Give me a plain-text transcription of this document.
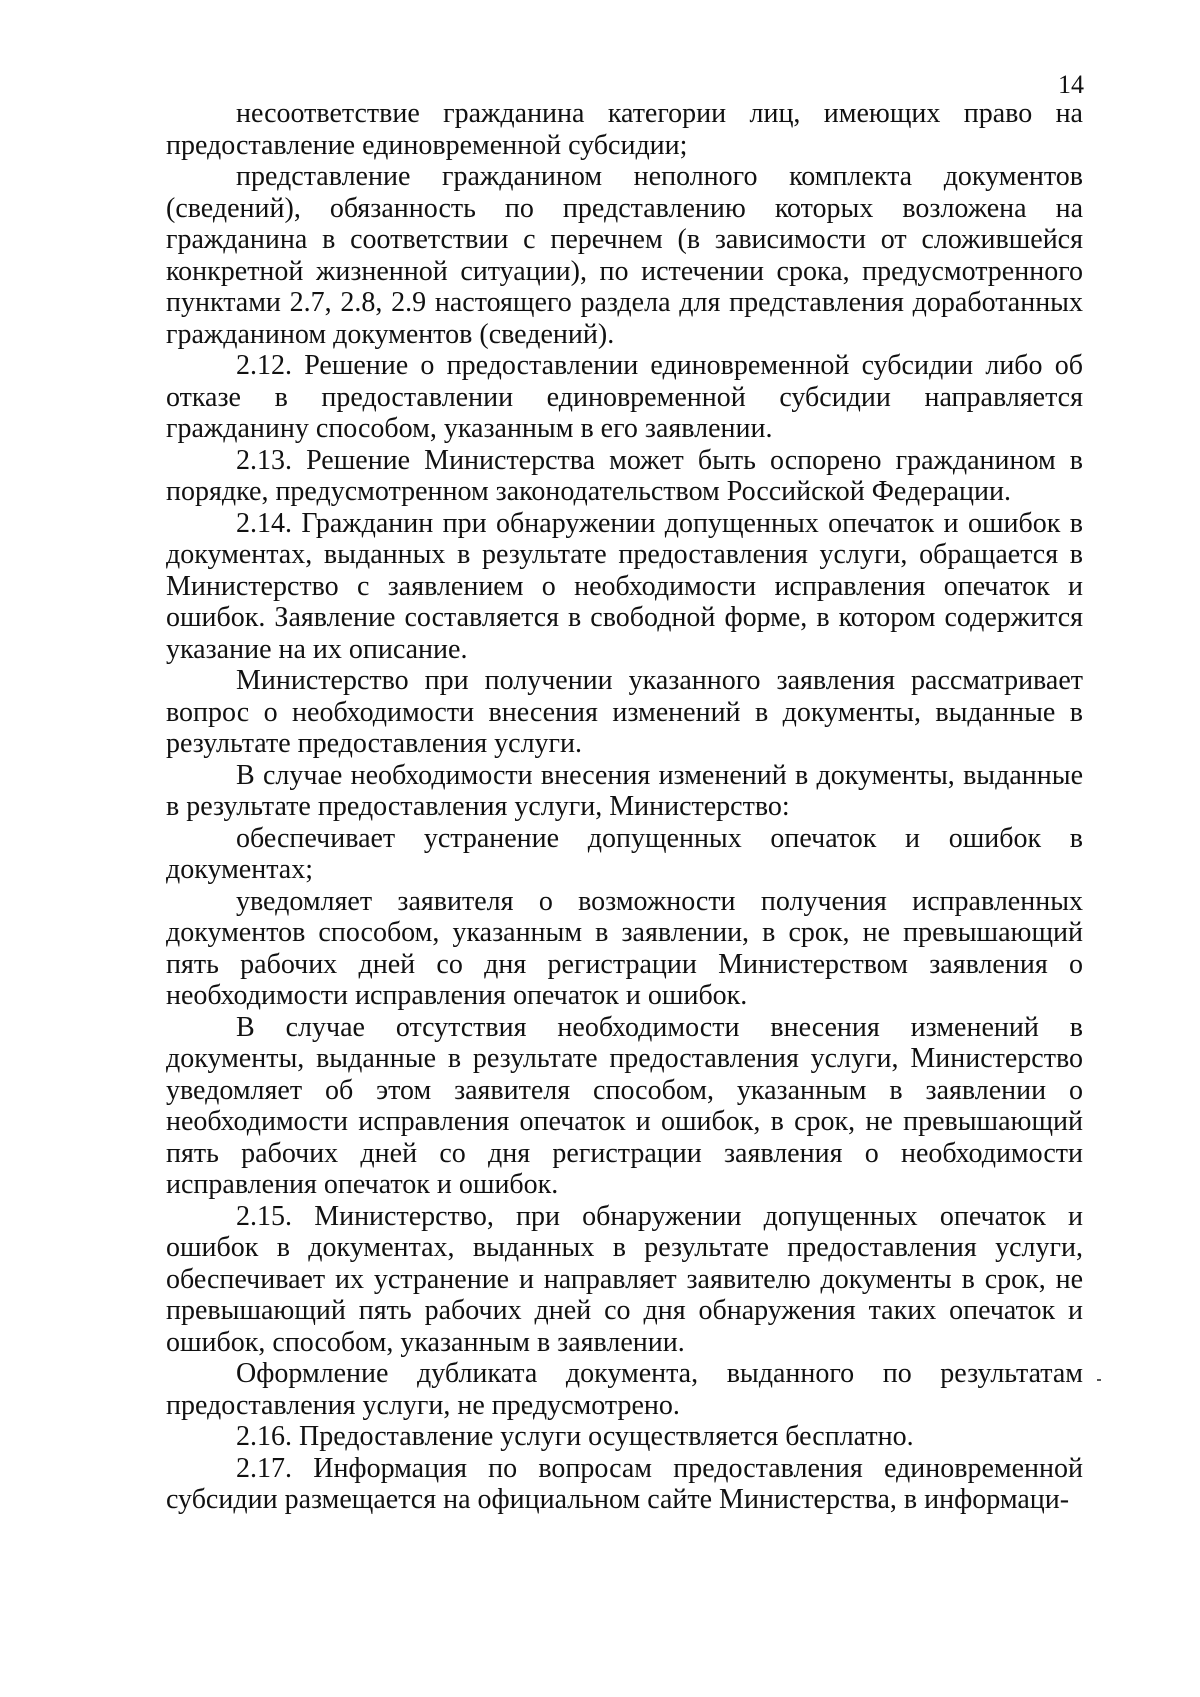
14

несоответствие гражданина категории лиц, имеющих право на предоставление единовременной субсидии;

представление гражданином неполного комплекта документов (сведений), обязанность по представлению которых возложена на гражданина в соответствии с перечнем (в зависимости от сложившейся конкретной жизненной ситуации), по истечении срока, предусмотренного пунктами 2.7, 2.8, 2.9 настоящего раздела для представления доработанных гражданином документов (сведений).

2.12. Решение о предоставлении единовременной субсидии либо об отказе в предоставлении единовременной субсидии направляется гражданину способом, указанным в его заявлении.

2.13. Решение Министерства может быть оспорено гражданином в порядке, предусмотренном законодательством Российской Федерации.

2.14. Гражданин при обнаружении допущенных опечаток и ошибок в документах, выданных в результате предоставления услуги, обращается в Министерство с заявлением о необходимости исправления опечаток и ошибок. Заявление составляется в свободной форме, в котором содержится указание на их описание.

Министерство при получении указанного заявления рассматривает вопрос о необходимости внесения изменений в документы, выданные в результате предоставления услуги.

В случае необходимости внесения изменений в документы, выданные в результате предоставления услуги, Министерство:

обеспечивает устранение допущенных опечаток и ошибок в документах;

уведомляет заявителя о возможности получения исправленных документов способом, указанным в заявлении, в срок, не превышающий пять рабочих дней со дня регистрации Министерством заявления о необходимости исправления опечаток и ошибок.

В случае отсутствия необходимости внесения изменений в документы, выданные в результате предоставления услуги, Министерство уведомляет об этом заявителя способом, указанным в заявлении о необходимости исправления опечаток и ошибок, в срок, не превышающий пять рабочих дней со дня регистрации заявления о необходимости исправления опечаток и ошибок.

2.15. Министерство, при обнаружении допущенных опечаток и ошибок в документах, выданных в результате предоставления услуги, обеспечивает их устранение и направляет заявителю документы в срок, не превышающий пять рабочих дней со дня обнаружения таких опечаток и ошибок, способом, указанным в заявлении.

Оформление дубликата документа, выданного по результатам предоставления услуги, не предусмотрено.

2.16. Предоставление услуги осуществляется бесплатно.

2.17. Информация по вопросам предоставления единовременной субсидии размещается на официальном сайте Министерства, в информаци-
